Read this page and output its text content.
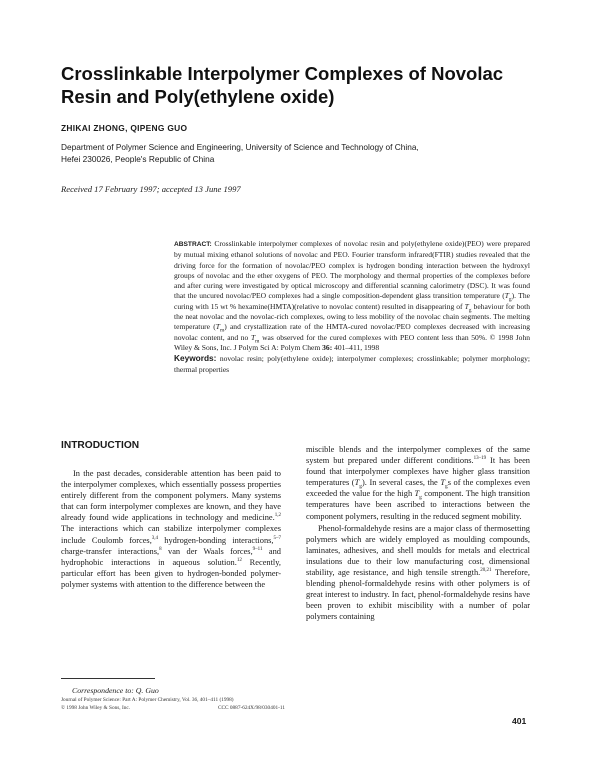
Crosslinkable Interpolymer Complexes of Novolac Resin and Poly(ethylene oxide)
ZHIKAI ZHONG, QIPENG GUO
Department of Polymer Science and Engineering, University of Science and Technology of China,
Hefei 230026, People's Republic of China
Received 17 February 1997; accepted 13 June 1997
ABSTRACT: Crosslinkable interpolymer complexes of novolac resin and poly(ethylene oxide)(PEO) were prepared by mutual mixing ethanol solutions of novolac and PEO. Fourier transform infrared(FTIR) studies revealed that the driving force for the formation of novolac/PEO complex is hydrogen bonding interaction between the hydroxyl groups of novolac and the ether oxygens of PEO. The morphology and thermal properties of the complexes before and after curing were investigated by optical microscopy and differential scanning calorimetry (DSC). It was found that the uncured novolac/PEO complexes had a single composition-dependent glass transition temperature $(T_g)$. The curing with 15 wt % hexamine(HMTA)(relative to novolac content) resulted in disappearing of $T_g$ behaviour for both the neat novolac and the novolac-rich complexes, owing to less mobility of the novolac chain segments. The melting temperature $(T_m)$ and crystallization rate of the HMTA-cured novolac/PEO complexes decreased with increasing novolac content, and no $T_m$ was observed for the cured complexes with PEO content less than 50%. © 1998 John Wiley & Sons, Inc. J Polym Sci A: Polym Chem 36: 401–411, 1998
Keywords: novolac resin; poly(ethylene oxide); interpolymer complexes; crosslinkable; polymer morphology; thermal properties
INTRODUCTION

In the past decades, considerable attention has been paid to the interpolymer complexes, which essentially possess properties entirely different from the component polymers. Many systems that can form interpolymer complexes are known, and they have already found wide applications in technology and medicine.$^{1,2}$ The interactions which can stabilize interpolymer complexes include Coulomb forces,$^{3,4}$ hydrogen-bonding interactions,$^{5-7}$ charge-transfer interactions,$^8$ van der Waals forces,$^{9-11}$ and hydrophobic interactions in aqueous solution.$^{12}$ Recently, particular effort has been given to hydrogen-bonded polymer-polymer systems with attention to the difference between the

miscible blends and the interpolymer complexes of the same system but prepared under different conditions.$^{13-19}$ It has been found that interpolymer complexes have higher glass transition temperatures $(T_g)$. In several cases, the $T_gs$ of the complexes even exceeded the value for the high $T_g$ component. The high transition temperatures have been ascribed to interactions between the component polymers, resulting in the reduced segment mobility.

Phenol-formaldehyde resins are a major class of thermosetting polymers which are widely employed as moulding compounds, laminates, adhesives, and shell moulds for metals and electrical insulations due to their low manufacturing cost, dimensional stability, age resistance, and high tensile strength.$^{20,21}$ Therefore, blending phenol-formaldehyde resins with other polymers is of great interest to industry. In fact, phenol-formaldehyde resins have been proven to exhibit miscibility with a number of polar polymers containing

Correspondence to: Q. Guo
Journal of Polymer Science: Part A: Polymer Chemistry, Vol. 36, 401–411 (1998)
© 1998 John Wiley & Sons, Inc.	CCC 0887-624X/98/030401-11
401
